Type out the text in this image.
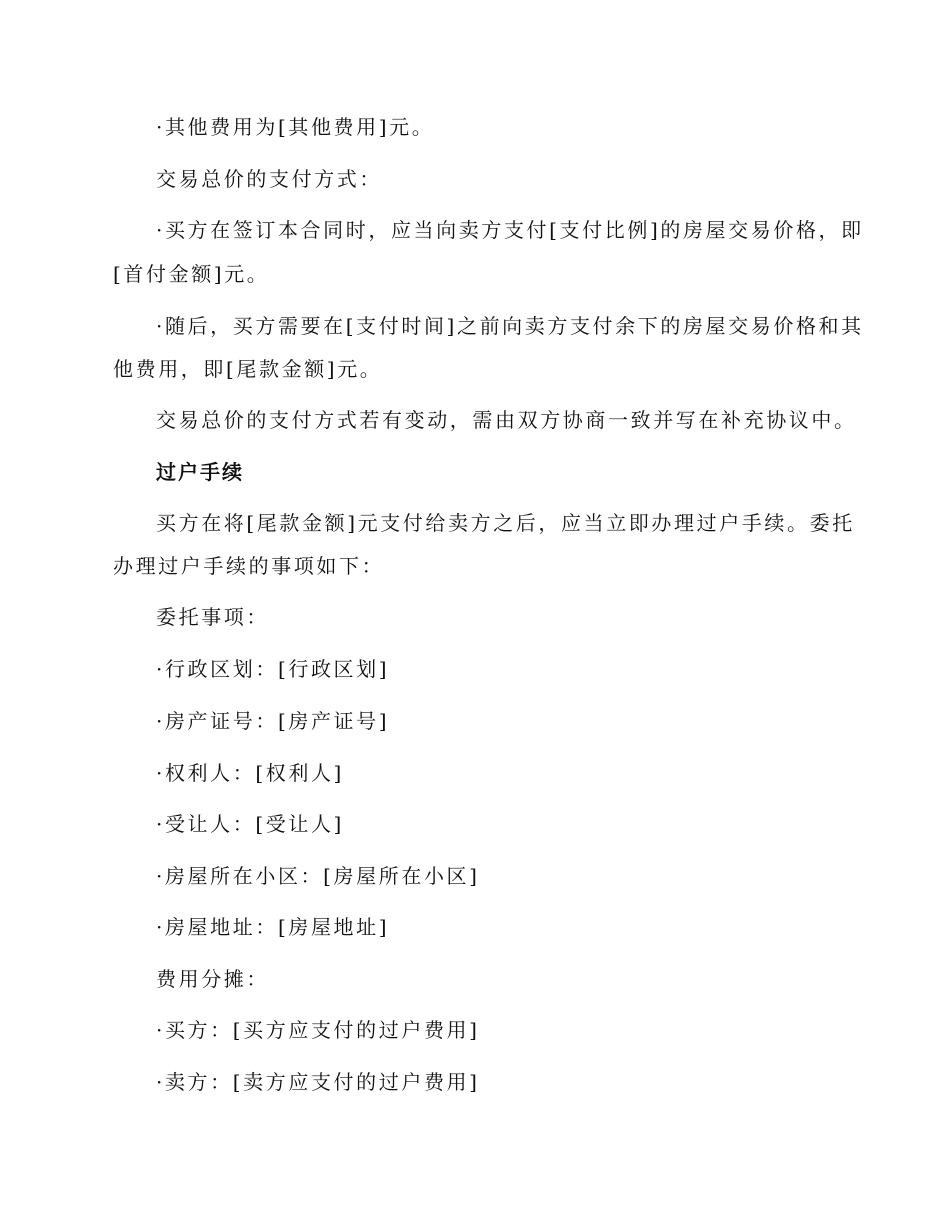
·其他费用为[其他费用]元。
交易总价的支付方式：
·买方在签订本合同时，应当向卖方支付[支付比例]的房屋交易价格，即
[首付金额]元。
·随后，买方需要在[支付时间]之前向卖方支付余下的房屋交易价格和其
他费用，即[尾款金额]元。
交易总价的支付方式若有变动，需由双方协商一致并写在补充协议中。
过户手续
买方在将[尾款金额]元支付给卖方之后，应当立即办理过户手续。委托
办理过户手续的事项如下：
委托事项：
·行政区划：[行政区划]
·房产证号：[房产证号]
·权利人：[权利人]
·受让人：[受让人]
·房屋所在小区：[房屋所在小区]
·房屋地址：[房屋地址]
费用分摊：
·买方：[买方应支付的过户费用]
·卖方：[卖方应支付的过户费用]
